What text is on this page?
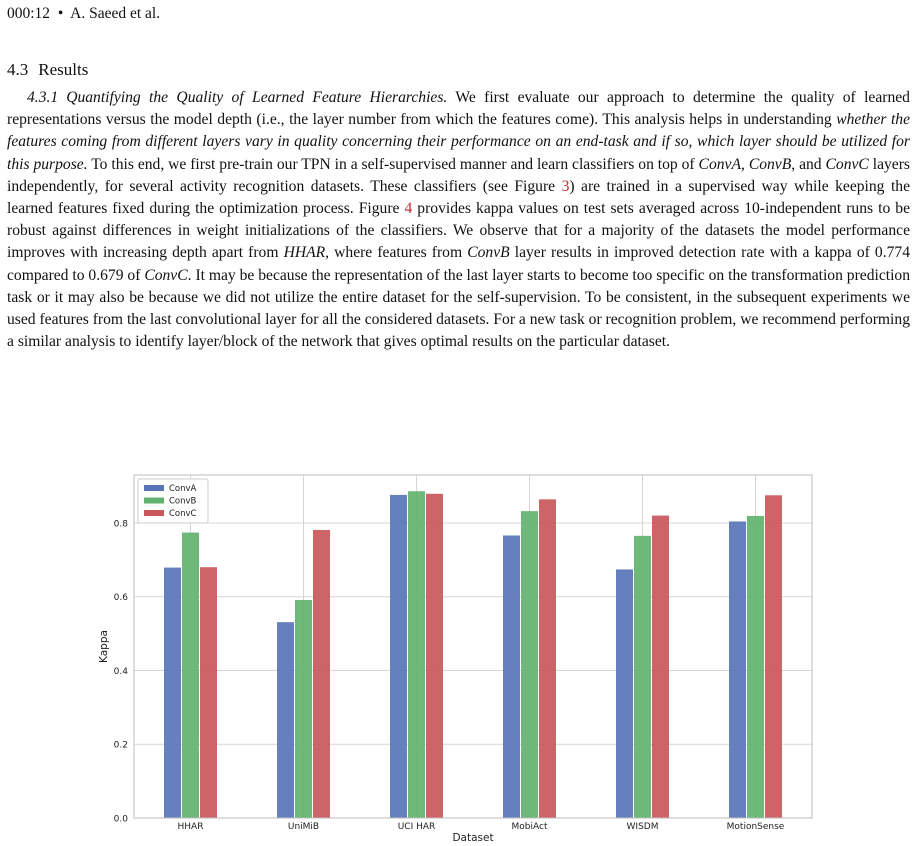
000:12 • A. Saeed et al.
4.3 Results
4.3.1 Quantifying the Quality of Learned Feature Hierarchies. We first evaluate our approach to determine the quality of learned representations versus the model depth (i.e., the layer number from which the features come). This analysis helps in understanding whether the features coming from different layers vary in quality concerning their performance on an end-task and if so, which layer should be utilized for this purpose. To this end, we first pre-train our TPN in a self-supervised manner and learn classifiers on top of ConvA, ConvB, and ConvC layers independently, for several activity recognition datasets. These classifiers (see Figure 3) are trained in a supervised way while keeping the learned features fixed during the optimization process. Figure 4 provides kappa values on test sets averaged across 10-independent runs to be robust against differences in weight initializations of the classifiers. We observe that for a majority of the datasets the model performance improves with increasing depth apart from HHAR, where features from ConvB layer results in improved detection rate with a kappa of 0.774 compared to 0.679 of ConvC. It may be because the representation of the last layer starts to become too specific on the transformation prediction task or it may also be because we did not utilize the entire dataset for the self-supervision. To be consistent, in the subsequent experiments we used features from the last convolutional layer for all the considered datasets. For a new task or recognition problem, we recommend performing a similar analysis to identify layer/block of the network that gives optimal results on the particular dataset.
0.0
0.2
0.4
0.6
0.8
HHAR	UniMiB	UCI HAR	MobiAct	WISDM	MotionSense
Dataset
Kappa
ConvA
ConvB
ConvC
